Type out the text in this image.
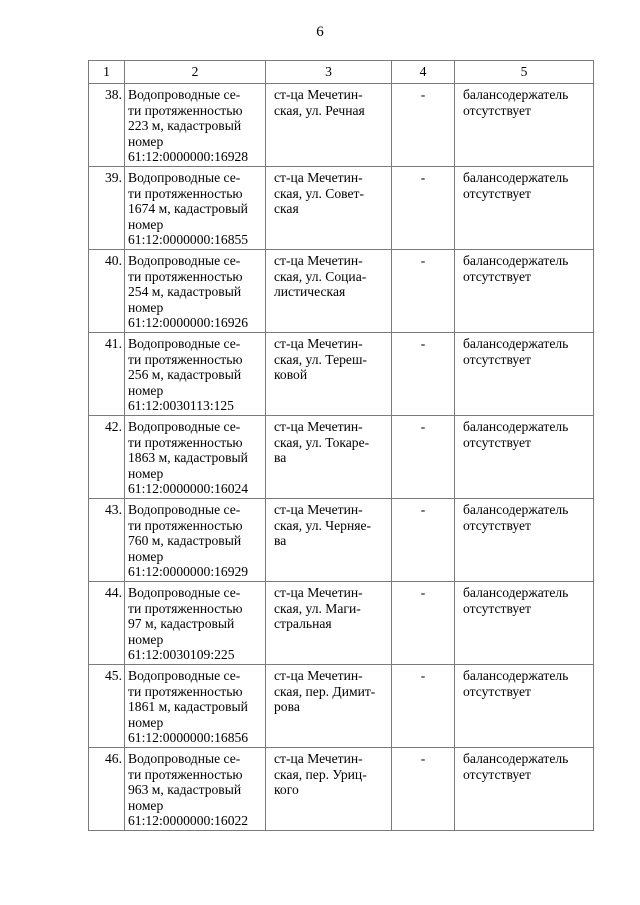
6
1	2	3	4	5
38.	Водопроводные се-
ти протяженностью
223 м, кадастровый
номер
61:12:0000000:16928	ст-ца Мечетин-
ская, ул. Речная	-	балансодержатель
отсутствует

39.	Водопроводные се-
ти протяженностью
1674 м, кадастровый
номер
61:12:0000000:16855	ст-ца Мечетин-
ская, ул. Совет-
ская	-	балансодержатель
отсутствует

40.	Водопроводные се-
ти протяженностью
254 м, кадастровый
номер
61:12:0000000:16926	ст-ца Мечетин-
ская, ул. Социа-
листическая	-	балансодержатель
отсутствует

41.	Водопроводные се-
ти протяженностью
256 м, кадастровый
номер
61:12:0030113:125	ст-ца Мечетин-
ская, ул. Тереш-
ковой	-	балансодержатель
отсутствует

42.	Водопроводные се-
ти протяженностью
1863 м, кадастровый
номер
61:12:0000000:16024	ст-ца Мечетин-
ская, ул. Токаре-
ва	-	балансодержатель
отсутствует

43.	Водопроводные се-
ти протяженностью
760 м, кадастровый
номер
61:12:0000000:16929	ст-ца Мечетин-
ская, ул. Черняе-
ва	-	балансодержатель
отсутствует

44.	Водопроводные се-
ти протяженностью
97 м, кадастровый
номер
61:12:0030109:225	ст-ца Мечетин-
ская, ул. Маги-
стральная	-	балансодержатель
отсутствует

45.	Водопроводные се-
ти протяженностью
1861 м, кадастровый
номер
61:12:0000000:16856	ст-ца Мечетин-
ская, пер. Димит-
рова	-	балансодержатель
отсутствует

46.	Водопроводные се-
ти протяженностью
963 м, кадастровый
номер
61:12:0000000:16022	ст-ца Мечетин-
ская, пер. Уриц-
кого	-	балансодержатель
отсутствует
